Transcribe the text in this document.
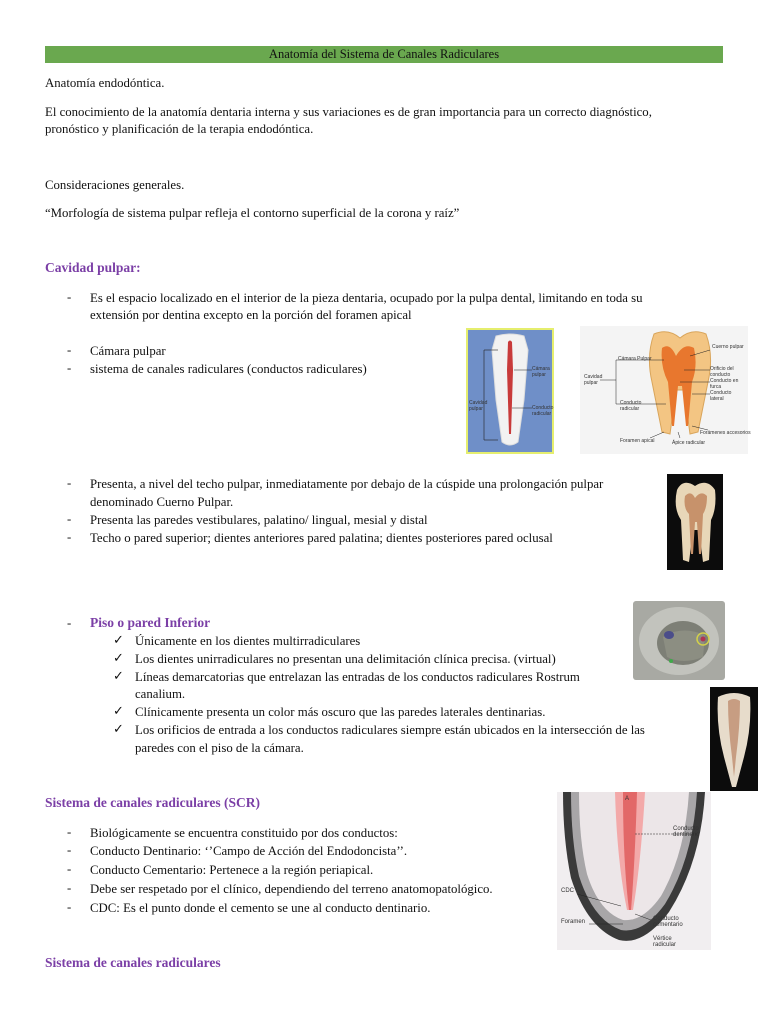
Anatomía del Sistema de Canales Radiculares
Anatomía endodóntica.
El conocimiento de la anatomía dentaria interna y sus variaciones es de gran importancia para un correcto diagnóstico,
pronóstico y planificación de la terapia endodóntica.
Consideraciones generales.
“Morfología de sistema pulpar refleja el contorno superficial de la corona y raíz”
Cavidad pulpar:
- Es el espacio localizado en el interior de la pieza dentaria, ocupado por la pulpa dental, limitando en toda su
extensión por dentina excepto en la porción del foramen apical
- Cámara pulpar
- sistema de canales radiculares (conductos radiculares)	Cámara pulpar
Cavidad pulpar	Conducto radicular
Cuerno pulpar
Cámara Pulpar
Cavidad pulpar
Orificio del conducto
Conducto en furca
Conducto lateral
Conducto radicular
Forámenes accesorios
Foramen apical	Ápice radicular
- Presenta, a nivel del techo pulpar, inmediatamente por debajo de la cúspide una prolongación pulpar
denominado Cuerno Pulpar.
- Presenta las paredes vestibulares, palatino/ lingual, mesial y distal
- Techo o pared superior; dientes anteriores pared palatina; dientes posteriores pared oclusal
- Piso o pared Inferior
✓ Únicamente en los dientes multirradiculares
✓ Los dientes unirradiculares no presentan una delimitación clínica precisa. (virtual)
✓ Líneas demarcatorias que entrelazan las entradas de los conductos radiculares Rostrum
canalium.
✓ Clínicamente presenta un color más oscuro que las paredes laterales dentinarias.
✓ Los orificios de entrada a los conductos radiculares siempre están ubicados en la intersección de las
paredes con el piso de la cámara.
Sistema de canales radiculares (SCR)
- Biológicamente se encuentra constituido por dos conductos:
- Conducto Dentinario: ‘’Campo de Acción del Endodoncista’’.
- Conducto Cementario: Pertenece a la región periapical.
- Debe ser respetado por el clínico, dependiendo del terreno anatomopatológico.
- CDC: Es el punto donde el cemento se une al conducto dentinario.
A
Conducto dentinario
CDC
Foramen	Conducto cementario
Vértice radicular
Sistema de canales radiculares
